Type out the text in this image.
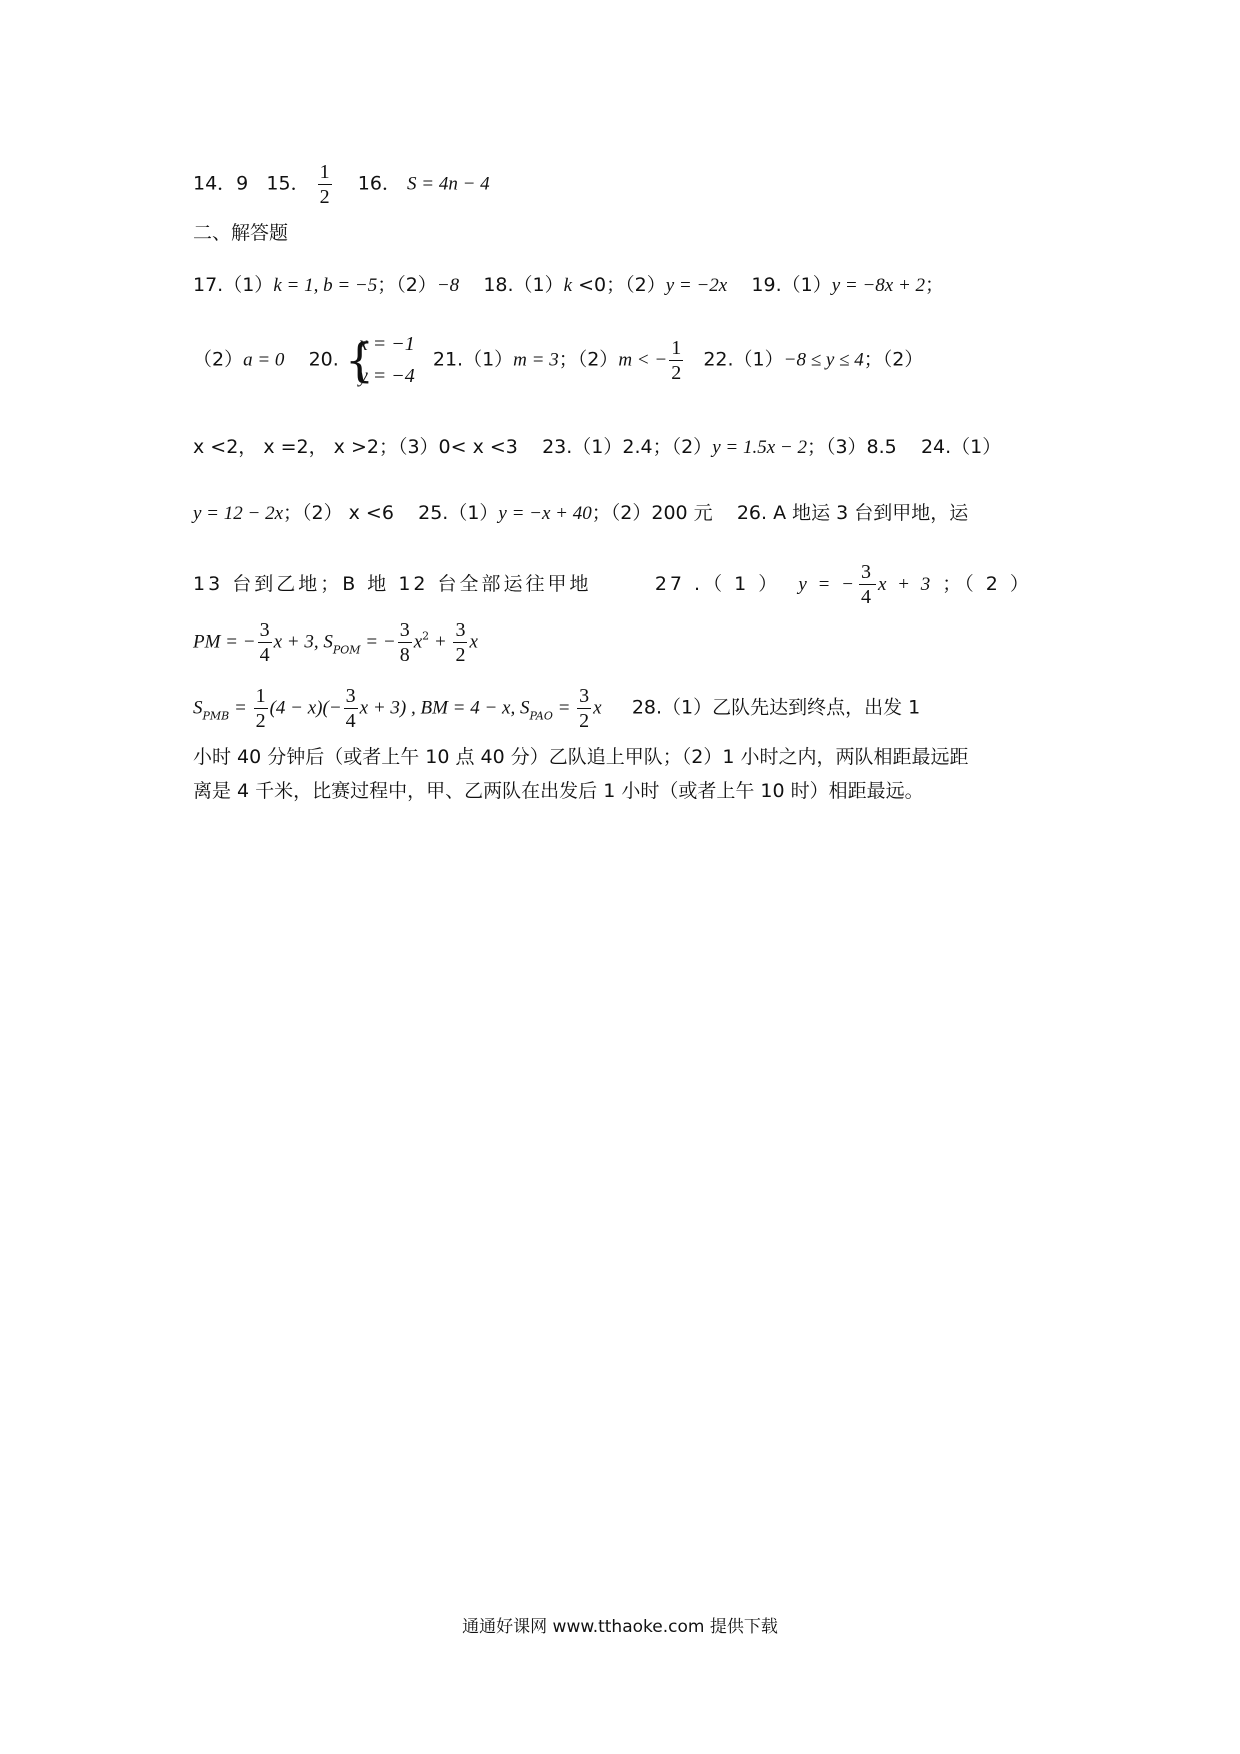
14．9 15． $\frac{1}{2} 16$． S = 4n − 4
二、解答题
17.（1）k = 1, b = −5；（2）−8 18.（1）k <0；（2）y = −2x 19.（1）y = −8x + 2；
（2）a = 0 20. {
x = −1
y = −4
21.（1）m = 3；（2）m < − $\frac{1}{2} 22.(1)-8 \le y \le 4$；（2）
x <2， x =2， x >2；（3）0< x <3 23.（1）2.4；（2）y = 1.5x − 2；（3）8.5 24.（1）
y = 12 − 2x；（2） x <6 25.（1）y = −x + 40；（2）200 元 26. A 地运 3 台到甲地，运
13 台到乙地；B 地 12 台全部运往甲地	27 .（ 1 ） y = − $\frac{3}{4}$ x + 3 ；（ 2 ）
PM = − $\frac{3}{4}$ x + 3, $S_{POM}$ = − $\frac{3}{8} x^2 + \frac{3}{2}$ x
$S_{PMB} = \frac{1}{2} (4 - x)(- \frac{3}{4}$ x + 3) , BM = 4 − x, $S_{PAO} = \frac{3}{2}$ x 28.（1）乙队先达到终点，出发 1
小时 40 分钟后（或者上午 10 点 40 分）乙队追上甲队；（2）1 小时之内，两队相距最远距
离是 4 千米，比赛过程中，甲、乙两队在出发后 1 小时（或者上午 10 时）相距最远。
通通好课网 www.tthaoke.com 提供下载
